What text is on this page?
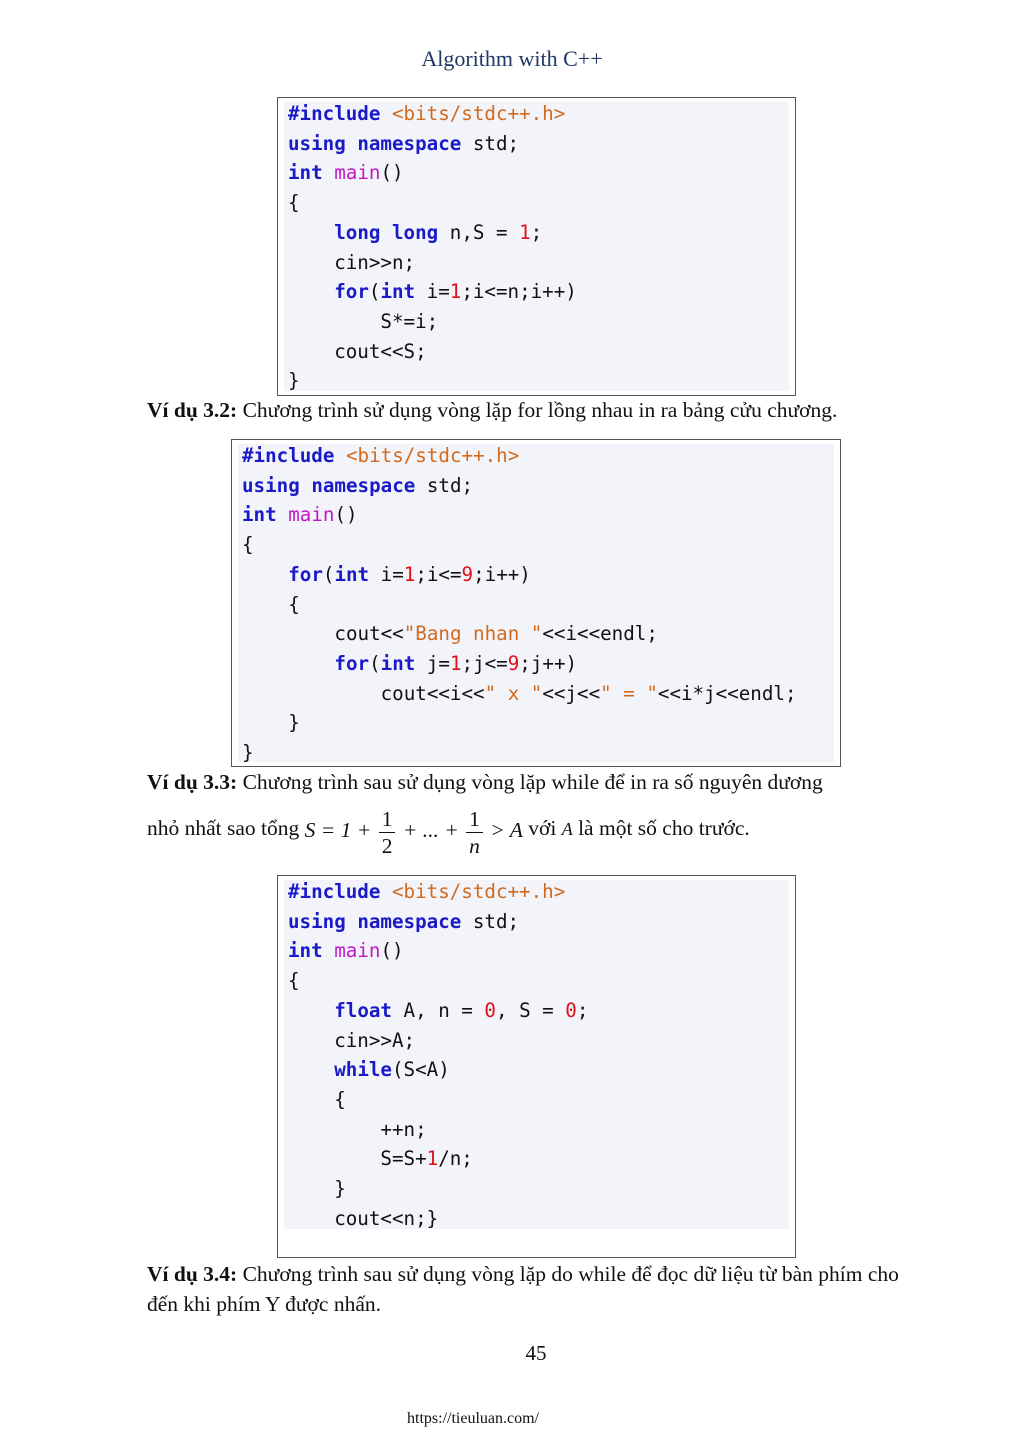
Algorithm with C++
#include <bits/stdc++.h>
using namespace std;
int main()
{
long long n,S = 1;
cin>>n;
for(int i=1;i<=n;i++)
S*=i;
cout<<S;
}
Ví dụ 3.2: Chương trình sử dụng vòng lặp for lồng nhau in ra bảng cửu chương.
#include <bits/stdc++.h>
using namespace std;
int main()
{
for(int i=1;i<=9;i++)
{
cout<<"Bang nhan "<<i<<endl;
for(int j=1;j<=9;j++)
cout<<i<<" x "<<j<<" = "<<i*j<<endl;
}
}
Ví dụ 3.3: Chương trình sau sử dụng vòng lặp while để in ra số nguyên dương
nhỏ nhất sao tổng $S = 1 + \frac{1}{2}$ + ... + $\frac{1}{n} > A$ với A là một số cho trước.
#include <bits/stdc++.h>
using namespace std;
int main()
{
float A, n = 0, S = 0;
cin>>A;
while(S<A)
{
++n;
S=S+1/n;
}
cout<<n;}
Ví dụ 3.4: Chương trình sau sử dụng vòng lặp do while để đọc dữ liệu từ bàn phím cho đến khi phím Y được nhấn.
45
https://tieuluan.com/
